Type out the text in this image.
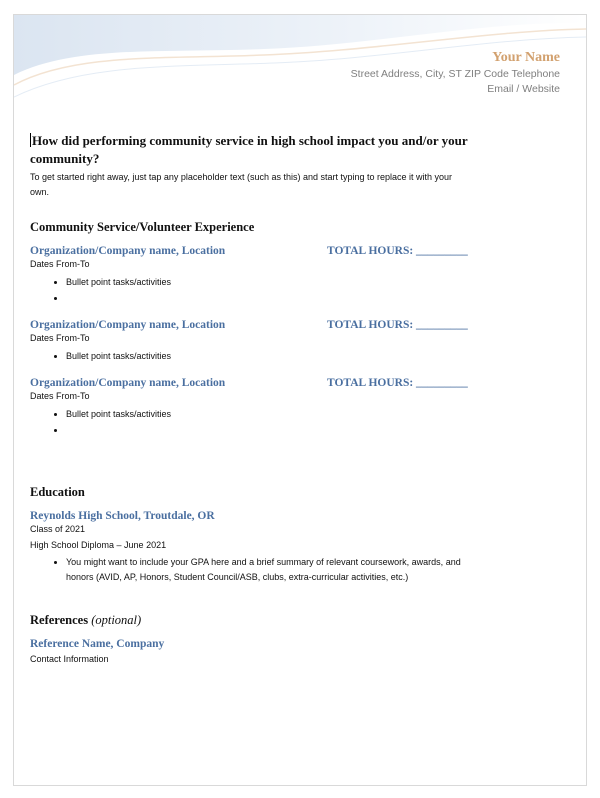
Your Name
Street Address, City, ST ZIP Code Telephone
Email / Website
How did performing community service in high school impact you and/or your
community?
To get started right away, just tap any placeholder text (such as this) and start typing to replace it with your
own.
Community Service/Volunteer Experience
Organization/Company name, Location	TOTAL HOURS: _________
Dates From-To
• Bullet point tasks/activities
•
Organization/Company name, Location	TOTAL HOURS: _________
Dates From-To
• Bullet point tasks/activities
Organization/Company name, Location	TOTAL HOURS: _________
Dates From-To
• Bullet point tasks/activities
•
Education
Reynolds High School, Troutdale, OR
Class of 2021
High School Diploma – June 2021
• You might want to include your GPA here and a brief summary of relevant coursework, awards, and
honors (AVID, AP, Honors, Student Council/ASB, clubs, extra-curricular activities, etc.)
References (optional)
Reference Name, Company
Contact Information
